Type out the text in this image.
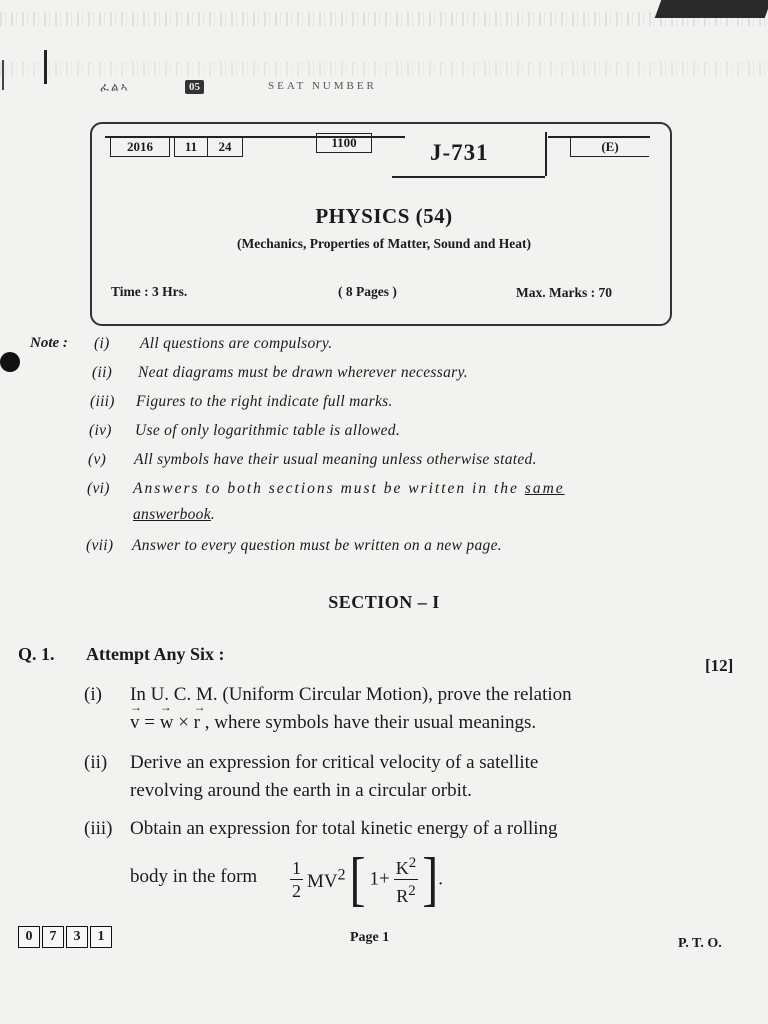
ፈልኣ	05	SEAT NUMBER
2016	11	24	1100	J-731	(E)
PHYSICS (54)
(Mechanics, Properties of Matter, Sound and Heat)
Time : 3 Hrs.	( 8 Pages )	Max. Marks : 70
Note : (i) All questions are compulsory.
(ii) Neat diagrams must be drawn wherever necessary.
(iii) Figures to the right indicate full marks.
(iv) Use of only logarithmic table is allowed.
(v) All symbols have their usual meaning unless otherwise stated.
(vi) Answers to both sections must be written in the same
answerbook.
(vii) Answer to every question must be written on a new page.
SECTION – I
Q. 1. Attempt Any Six :
[12]
(i) In U. C. M. (Uniform Circular Motion), prove the relation
→ v = → w × → r , where symbols have their usual meanings.
(ii) Derive an expression for critical velocity of a satellite
revolving around the earth in a circular orbit.
(iii) Obtain an expression for total kinetic energy of a rolling
body in the form $\frac{1}{2} MV^2$ [ $1+ \frac{K^2}{R^2}$ ].
0	7	3	1	Page 1	P. T. O.
